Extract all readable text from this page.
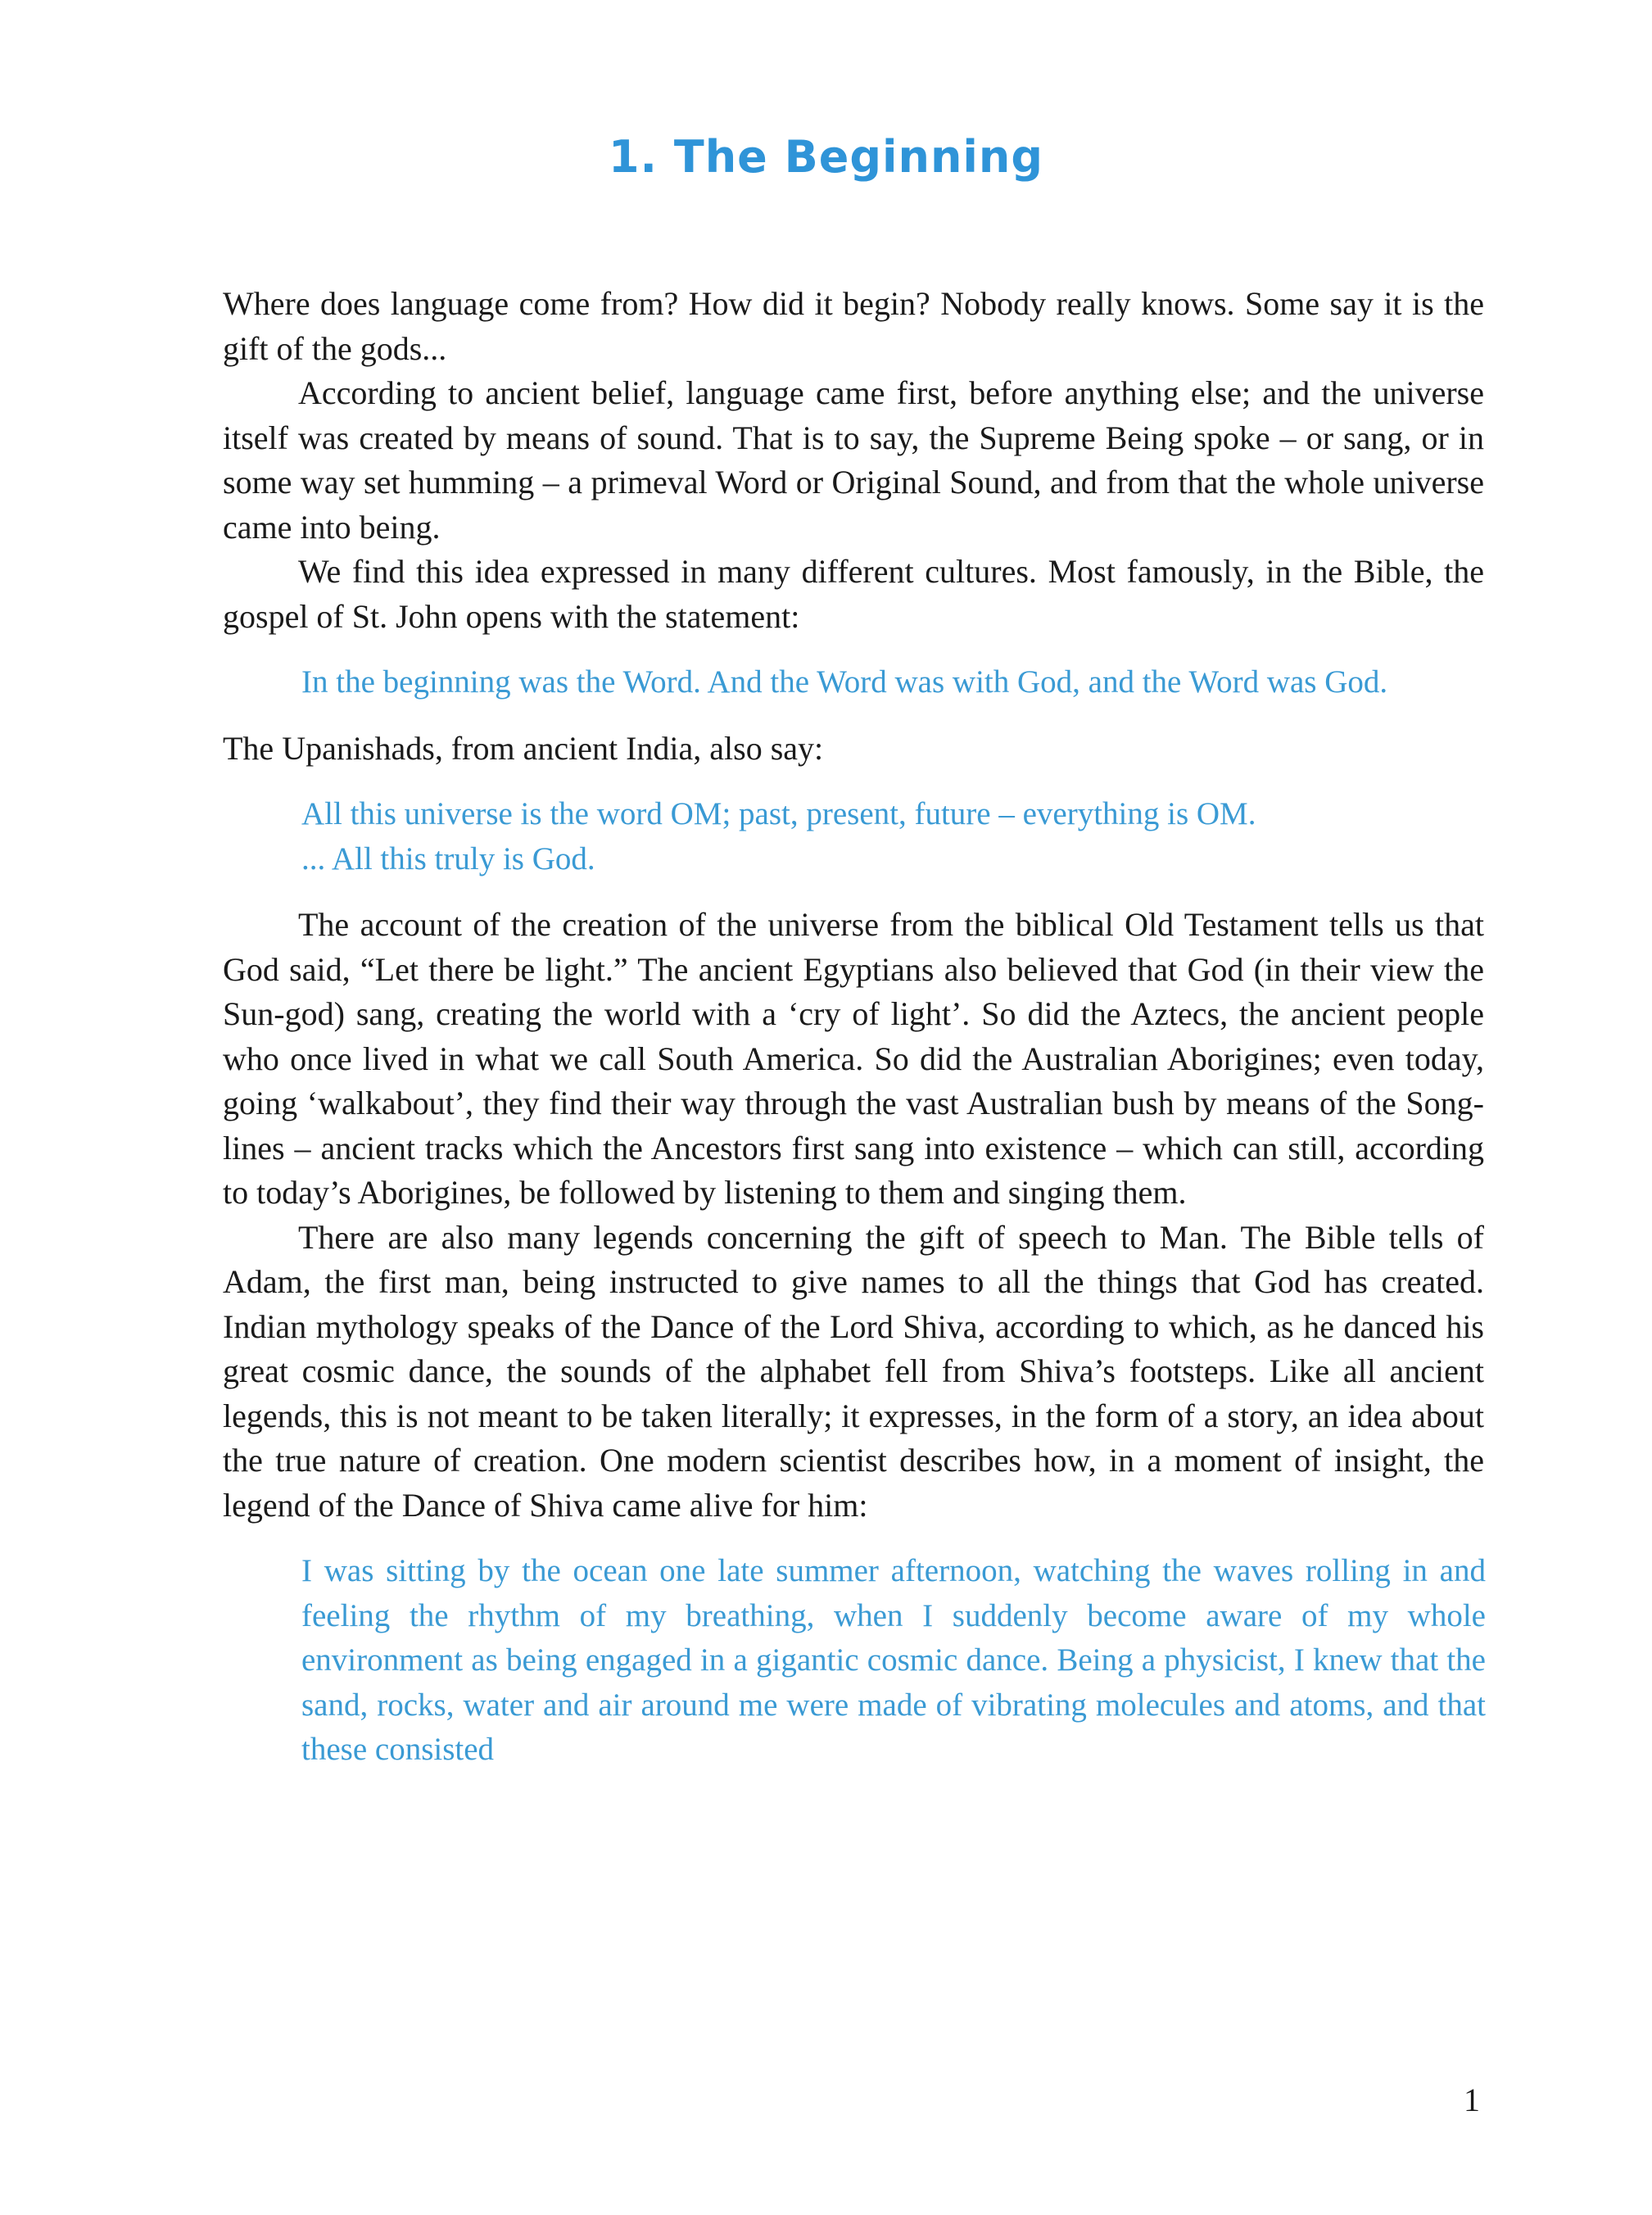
1. The Beginning

Where does language come from? How did it begin? Nobody really knows. Some say it is the gift of the gods...

According to ancient belief, language came first, before anything else; and the universe itself was created by means of sound. That is to say, the Supreme Being spoke – or sang, or in some way set humming – a primeval Word or Original Sound, and from that the whole universe came into being.

We find this idea expressed in many different cultures. Most famously, in the Bible, the gospel of St. John opens with the statement:

In the beginning was the Word. And the Word was with God, and the Word was God.

The Upanishads, from ancient India, also say:

All this universe is the word OM; past, present, future – everything is OM.
... All this truly is God.

The account of the creation of the universe from the biblical Old Testament tells us that God said, “Let there be light.” The ancient Egyptians also believed that God (in their view the Sun-god) sang, creating the world with a ‘cry of light’. So did the Aztecs, the ancient people who once lived in what we call South America. So did the Australian Aborigines; even today, going ‘walkabout’, they find their way through the vast Australian bush by means of the Song-lines – ancient tracks which the Ancestors first sang into existence – which can still, according to today’s Aborigines, be followed by listening to them and singing them.

There are also many legends concerning the gift of speech to Man. The Bible tells of Adam, the first man, being instructed to give names to all the things that God has created. Indian mythology speaks of the Dance of the Lord Shiva, according to which, as he danced his great cosmic dance, the sounds of the alphabet fell from Shiva’s footsteps. Like all ancient legends, this is not meant to be taken literally; it expresses, in the form of a story, an idea about the true nature of creation. One modern scientist describes how, in a moment of insight, the legend of the Dance of Shiva came alive for him:

I was sitting by the ocean one late summer afternoon, watching the waves rolling in and feeling the rhythm of my breathing, when I suddenly become aware of my whole environment as being engaged in a gigantic cosmic dance. Being a physicist, I knew that the sand, rocks, water and air around me were made of vibrating molecules and atoms, and that these consisted

1
